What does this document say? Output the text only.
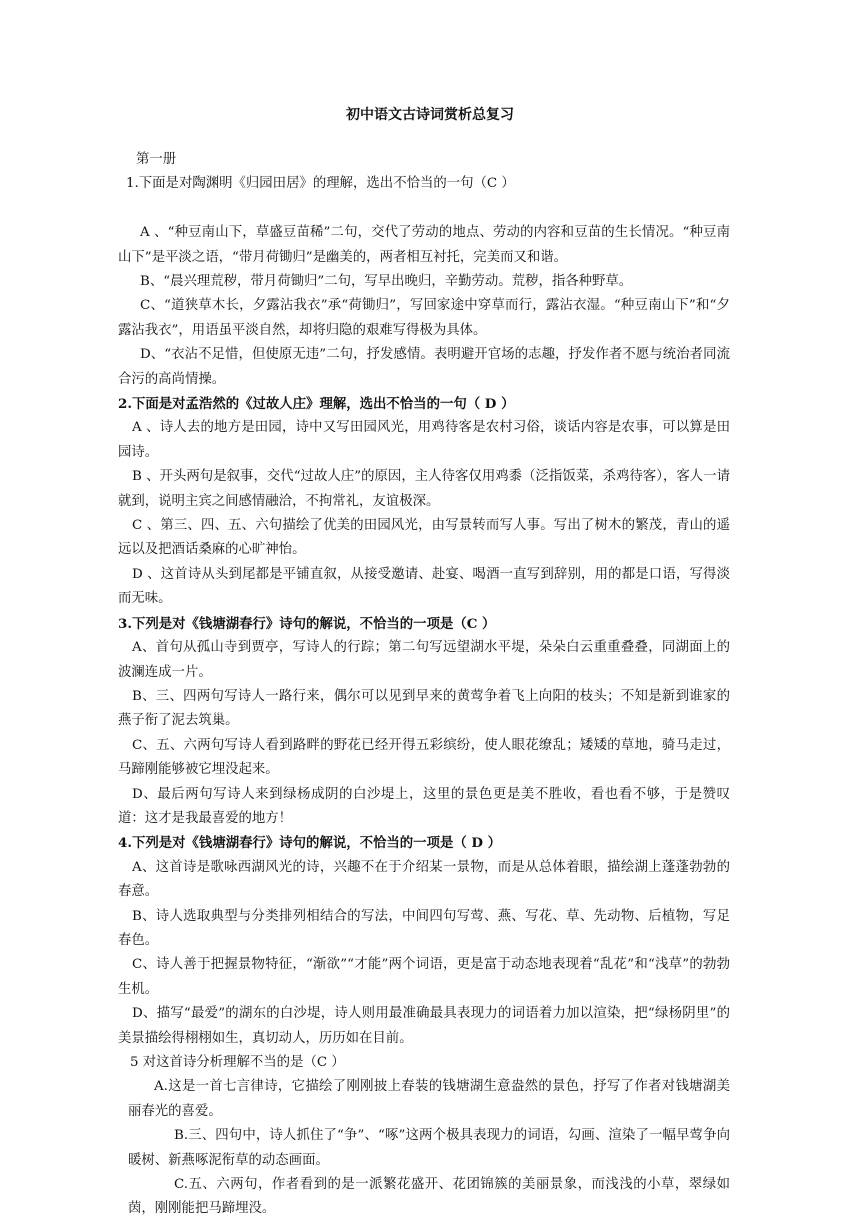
初中语文古诗词赏析总复习

第一册

1.下面是对陶渊明《归园田居》的理解，选出不恰当的一句（C ）

A 、“种豆南山下，草盛豆苗稀”二句，交代了劳动的地点、劳动的内容和豆苗的生长情况。“种豆南山下”是平淡之语，“带月荷锄归”是幽美的，两者相互衬托，完美而又和谐。

B、“晨兴理荒秽，带月荷锄归”二句，写早出晚归，辛勤劳动。荒秽，指各种野草。

C、“道狭草木长，夕露沾我衣”承“荷锄归”，写回家途中穿草而行，露沾衣湿。“种豆南山下”和“夕露沾我衣”，用语虽平淡自然，却将归隐的艰难写得极为具体。

D、“衣沾不足惜，但使原无违”二句，抒发感情。表明避开官场的志趣，抒发作者不愿与统治者同流合污的高尚情操。

2.下面是对孟浩然的《过故人庄》理解，选出不恰当的一句（ D ）

A 、诗人去的地方是田园，诗中又写田园风光，用鸡待客是农村习俗，谈话内容是农事，可以算是田园诗。

B 、开头两句是叙事，交代“过故人庄”的原因，主人待客仅用鸡黍（泛指饭菜，杀鸡待客），客人一请就到，说明主宾之间感情融洽，不拘常礼，友谊极深。

C 、第三、四、五、六句描绘了优美的田园风光，由写景转而写人事。写出了树木的繁茂，青山的遥远以及把酒话桑麻的心旷神怡。

D 、这首诗从头到尾都是平铺直叙，从接受邀请、赴宴、喝酒一直写到辞别，用的都是口语，写得淡而无味。

3.下列是对《钱塘湖春行》诗句的解说，不恰当的一项是（C ）

A、首句从孤山寺到贾亭，写诗人的行踪；第二句写远望湖水平堤，朵朵白云重重叠叠，同湖面上的波澜连成一片。

B、三、四两句写诗人一路行来，偶尔可以见到早来的黄莺争着飞上向阳的枝头；不知是新到谁家的燕子衔了泥去筑巢。

C、五、六两句写诗人看到路畔的野花已经开得五彩缤纷，使人眼花缭乱；矮矮的草地，骑马走过，马蹄刚能够被它埋没起来。

D、最后两句写诗人来到绿杨成阴的白沙堤上，这里的景色更是美不胜收，看也看不够，于是赞叹道：这才是我最喜爱的地方！

4.下列是对《钱塘湖春行》诗句的解说，不恰当的一项是（ D ）

A、这首诗是歌咏西湖风光的诗，兴趣不在于介绍某一景物，而是从总体着眼，描绘湖上蓬蓬勃勃的春意。

B、诗人选取典型与分类排列相结合的写法，中间四句写莺、燕、写花、草、先动物、后植物，写足春色。

C、诗人善于把握景物特征，“渐欲”“才能”两个词语，更是富于动态地表现着“乱花”和“浅草”的勃勃生机。

D、描写“最爱”的湖东的白沙堤，诗人则用最准确最具表现力的词语着力加以渲染，把“绿杨阴里”的美景描绘得栩栩如生，真切动人，历历如在目前。

5 对这首诗分析理解不当的是（C ）

A.这是一首七言律诗，它描绘了刚刚披上春装的钱塘湖生意盎然的景色，抒写了作者对钱塘湖美丽春光的喜爱。

B.三、四句中，诗人抓住了“争”、“啄”这两个极具表现力的词语，勾画、渲染了一幅早莺争向 暖树、新燕啄泥衔草的动态画面。

C.五、六两句，作者看到的是一派繁花盛开、花团锦簇的美丽景象，而浅浅的小草，翠绿如茵，刚刚能把马蹄埋没。
